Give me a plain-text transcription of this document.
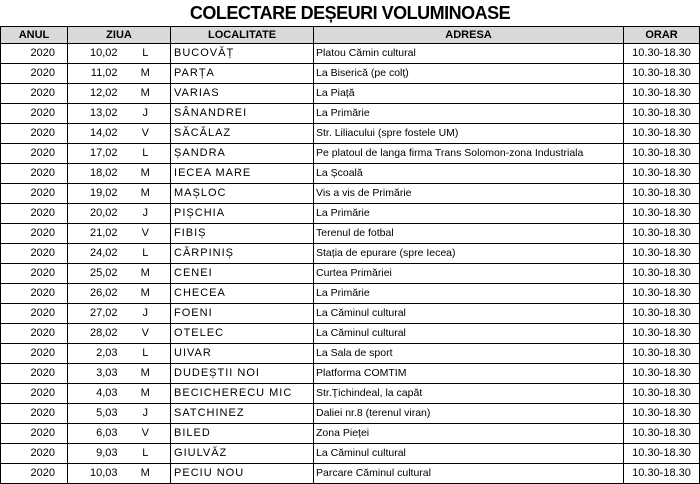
COLECTARE DEȘEURI VOLUMINOASE
ANUL	ZIUA		LOCALITATE	ADRESA	ORAR
2020	10,02	L	BUCOVĂȚ	Platou Cămin cultural	10.30-18.30
2020	11,02	M	PARȚA	La Biserică (pe colț)	10.30-18.30
2020	12,02	M	VARIAS	La Piață	10.30-18.30
2020	13,02	J	SÂNANDREI	La Primărie	10.30-18.30
2020	14,02	V	SĂCĂLAZ	Str. Liliacului (spre fostele UM)	10.30-18.30
2020	17,02	L	ȘANDRA	Pe platoul de langa firma Trans Solomon-zona Industriala	10.30-18.30
2020	18,02	M	IECEA MARE	La Școală	10.30-18.30
2020	19,02	M	MAȘLOC	Vis a vis de Primărie	10.30-18.30
2020	20,02	J	PIȘCHIA	La Primărie	10.30-18.30
2020	21,02	V	FIBIȘ	Terenul de fotbal	10.30-18.30
2020	24,02	L	CĂRPINIȘ	Stația de epurare (spre Iecea)	10.30-18.30
2020	25,02	M	CENEI	Curtea Primăriei	10.30-18.30
2020	26,02	M	CHECEA	La Primărie	10.30-18.30
2020	27,02	J	FOENI	La Căminul cultural	10.30-18.30
2020	28,02	V	OTELEC	La Căminul cultural	10.30-18.30
2020	2,03	L	UIVAR	La Sala de sport	10.30-18.30
2020	3,03	M	DUDEȘTII NOI	Platforma COMTIM	10.30-18.30
2020	4,03	M	BECICHERECU MIC	Str.Țichindeal, la capăt	10.30-18.30
2020	5,03	J	SATCHINEZ	Daliei nr.8 (terenul viran)	10.30-18.30
2020	6,03	V	BILED	Zona Pieței	10.30-18.30
2020	9,03	L	GIULVĂZ	La Căminul cultural	10.30-18.30
2020	10,03	M	PECIU NOU	Parcare Căminul cultural	10.30-18.30
